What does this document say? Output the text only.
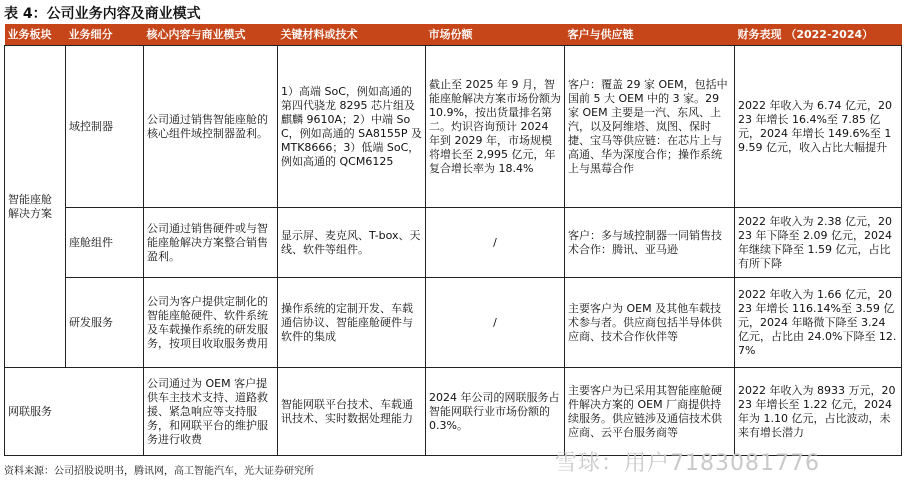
表 4：公司业务内容及商业模式
业务板块	业务细分	核心内容与商业模式	关键材料或技术	市场份额	客户与供应链	财务表现 （2022-2024）
智能座舱解决方案	域控制器	公司通过销售智能座舱的核心组件域控制器盈利。	1）高端 SoC，例如高通的第四代骁龙 8295 芯片组及麒麟 9610A；2）中端 SoC，例如高通的 SA8155P 及 MTK8666；3）低端 SoC，例如高通的 QCM6125	截止至 2025 年 9 月，智能座舱解决方案市场份额为 10.9%，按出货量排名第二。灼识咨询预计 2024 年到 2029 年，市场规模将增长至 2,995 亿元，年复合增长率为 18.4%	客户：覆盖 29 家 OEM，包括中国前 5 大 OEM 中的 3 家。29 家 OEM 主要是一汽、东风、上汽，以及阿维塔、岚图、保时捷、宝马等供应链：在芯片上与高通、华为深度合作；操作系统上与黑莓合作	2022 年收入为 6.74 亿元，2023 年增长 16.4%至 7.85 亿元，2024 年增长 149.6%至 19.59 亿元，收入占比大幅提升
	座舱组件	公司通过销售硬件或与智能座舱解决方案整合销售盈利。	显示屏、麦克风、T-box、天线、软件等组件。	/	客户：多与域控制器一同销售技术合作：腾讯、亚马逊	2022 年收入为 2.38 亿元，2023 年下降至 2.09 亿元，2024 年继续下降至 1.59 亿元，占比有所下降
	研发服务	公司为客户提供定制化的智能座舱硬件、软件系统及车载操作系统的研发服务，按项目收取服务费用	操作系统的定制开发、车载通信协议、智能座舱硬件与软件的集成	/	主要客户为 OEM 及其他车载技术参与者。供应商包括半导体供应商、技术合作伙伴等	2022 年收入为 1.66 亿元，2023 年增长 116.14%至 3.59 亿元，2024 年略微下降至 3.24 亿元，占比由 24.0%下降至 12.7%
网联服务		公司通过为 OEM 客户提供车主技术支持、道路救援、紧急响应等支持服务，和网联平台的维护服务进行收费	智能网联平台技术、车载通讯技术、实时数据处理能力	2024 年公司的网联服务占智能网联行业市场份额的 0.3%。	主要客户为已采用其智能座舱硬件解决方案的 OEM 厂商提供持续服务。供应链涉及通信技术供应商、云平台服务商等	2022 年收入为 8933 万元，2023 年增长至 1.22 亿元，2024 年为 1.10 亿元，占比波动，未来有增长潜力
资料来源：公司招股说明书，腾讯网，高工智能汽车，光大证券研究所	雪球：用户7183081776
